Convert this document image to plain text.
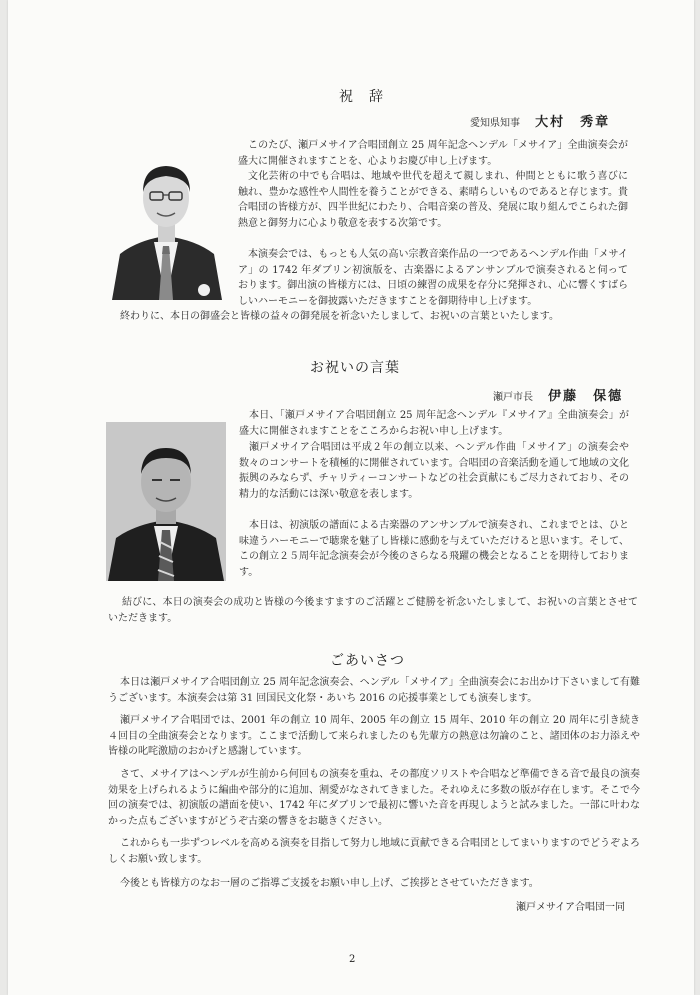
祝　辞
愛知県知事 大村　秀章

このたび、瀬戸メサイア合唱団創立 25 周年記念ヘンデル「メサイア」全曲演奏会が盛大に開催されますことを、心よりお慶び申し上げます。

文化芸術の中でも合唱は、地域や世代を超えて親しまれ、仲間とともに歌う喜びに触れ、豊かな感性や人間性を養うことができる、素晴らしいものであると存じます。貴合唱団の皆様方が、四半世紀にわたり、合唱音楽の普及、発展に取り組んでこられた御熱意と御努力に心より敬意を表する次第です。

本演奏会では、もっとも人気の高い宗教音楽作品の一つであるヘンデル作曲「メサイア」の 1742 年ダブリン初演版を、古楽器によるアンサンブルで演奏されると伺っております。御出演の皆様方には、日頃の練習の成果を存分に発揮され、心に響くすばらしいハーモニーを御披露いただきますことを御期待申し上げます。

終わりに、本日の御盛会と皆様の益々の御発展を祈念いたしまして、お祝いの言葉といたします。

お祝いの言葉
瀬戸市長 伊藤　保德

本日、「瀬戸メサイア合唱団創立 25 周年記念ヘンデル『メサイア』全曲演奏会」が盛大に開催されますことをこころからお祝い申し上げます。

瀬戸メサイア合唱団は平成２年の創立以来、ヘンデル作曲「メサイア」の演奏会や数々のコンサートを積極的に開催されています。合唱団の音楽活動を通して地域の文化振興のみならず、チャリティーコンサートなどの社会貢献にもご尽力されており、その精力的な活動には深い敬意を表します。

本日は、初演版の譜面による古楽器のアンサンブルで演奏され、これまでとは、ひと味違うハーモニーで聴衆を魅了し皆様に感動を与えていただけると思います。そして、この創立２５周年記念演奏会が今後のさらなる飛躍の機会となることを期待しております。

結びに、本日の演奏会の成功と皆様の今後ますますのご活躍とご健勝を祈念いたしまして、お祝いの言葉とさせていただきます。

ごあいさつ

本日は瀬戸メサイア合唱団創立 25 周年記念演奏会、ヘンデル「メサイア」全曲演奏会にお出かけ下さいまして有難うございます。本演奏会は第 31 回国民文化祭・あいち 2016 の応援事業としても演奏します。

瀬戸メサイア合唱団では、2001 年の創立 10 周年、2005 年の創立 15 周年、2010 年の創立 20 周年に引き続き４回目の全曲演奏会となります。ここまで活動して来られましたのも先輩方の熱意は勿論のこと、諸団体のお力添えや皆様の叱咤激励のおかげと感謝しています。

さて、メサイアはヘンデルが生前から何回もの演奏を重ね、その都度ソリストや合唱など準備できる音で最良の演奏効果を上げられるように編曲や部分的に追加、割愛がなされてきました。それゆえに多数の版が存在します。そこで今回の演奏では、初演版の譜面を使い、1742 年にダブリンで最初に響いた音を再現しようと試みました。一部に叶わなかった点もございますがどうぞ古楽の響きをお聴きください。

これからも一歩ずつレベルを高める演奏を目指して努力し地域に貢献できる合唱団としてまいりますのでどうぞよろしくお願い致します。

今後とも皆様方のなお一層のご指導ご支援をお願い申し上げ、ご挨拶とさせていただきます。

瀬戸メサイア合唱団一同
2
